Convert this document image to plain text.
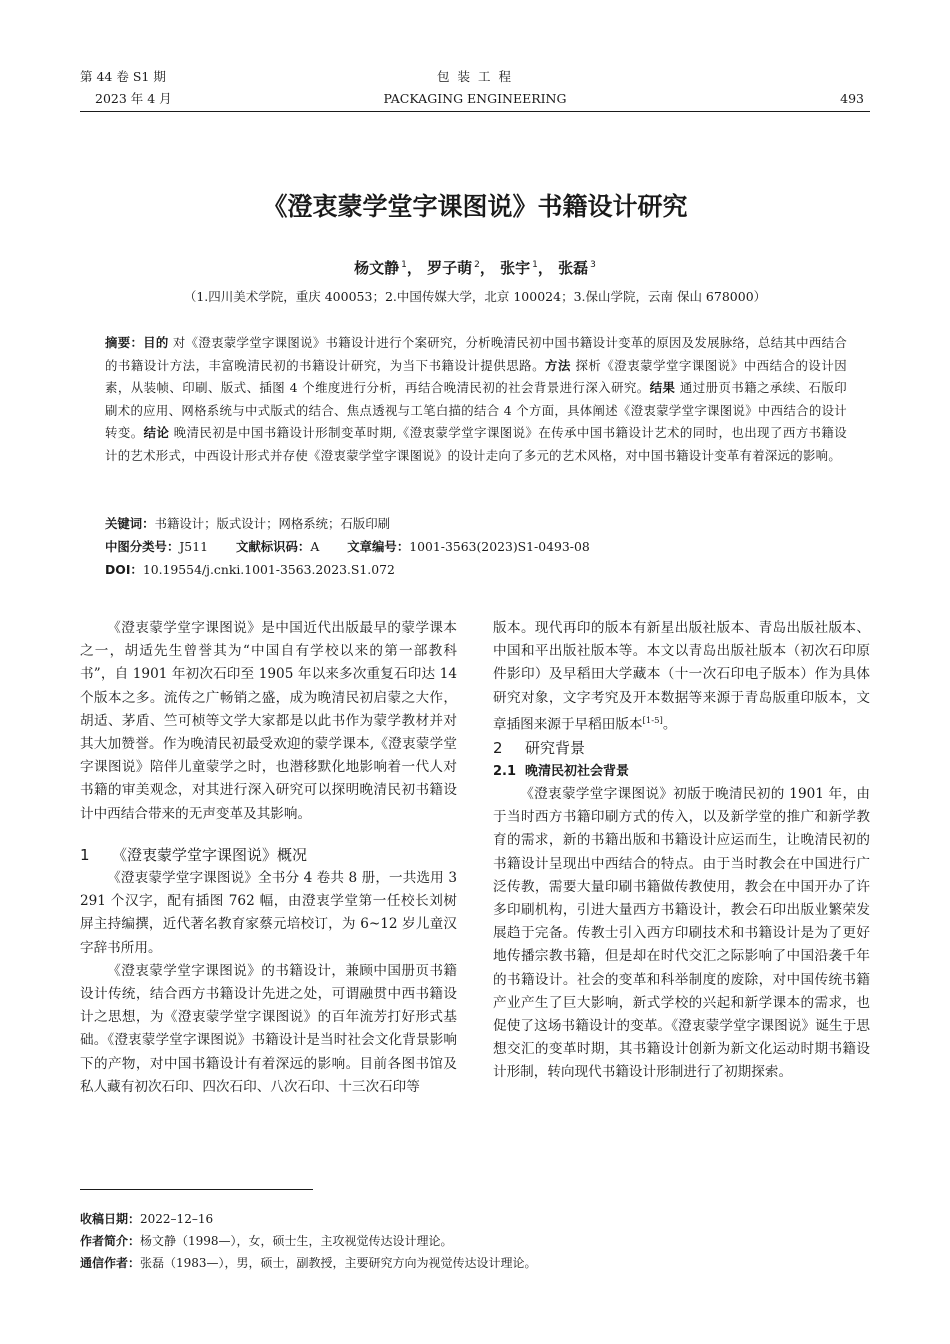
第 44 卷 S1 期
2023 年 4 月
包 装 工 程
PACKAGING ENGINEERING	493
《澄衷蒙学堂字课图说》书籍设计研究
杨文静 $^1$， 罗子萌 $^2$， 张宇 $^1$， 张磊 $^3$
（1.四川美术学院，重庆 400053；2.中国传媒大学，北京 100024；3.保山学院，云南 保山 678000）
摘要：目的 对《澄衷蒙学堂字课图说》书籍设计进行个案研究，分析晚清民初中国书籍设计变革的原因及发展脉络，总结其中西结合的书籍设计方法，丰富晚清民初的书籍设计研究，为当下书籍设计提供思路。方法 探析《澄衷蒙学堂字课图说》中西结合的设计因素，从装帧、印刷、版式、插图 4 个维度进行分析，再结合晚清民初的社会背景进行深入研究。结果 通过册页书籍之承续、石版印刷术的应用、网格系统与中式版式的结合、焦点透视与工笔白描的结合 4 个方面，具体阐述《澄衷蒙学堂字课图说》中西结合的设计转变。结论 晚清民初是中国书籍设计形制变革时期,《澄衷蒙学堂字课图说》在传承中国书籍设计艺术的同时，也出现了西方书籍设计的艺术形式，中西设计形式并存使《澄衷蒙学堂字课图说》的设计走向了多元的艺术风格，对中国书籍设计变革有着深远的影响。
关键词：书籍设计；版式设计；网格系统；石版印刷
中图分类号：J511 文献标识码：A 文章编号：1001-3563(2023)S1-0493-08
DOI：10.19554/j.cnki.1001-3563.2023.S1.072

《澄衷蒙学堂字课图说》是中国近代出版最早的蒙学课本之一，胡适先生曾誉其为“中国自有学校以来的第一部教科书”，自 1901 年初次石印至 1905 年以来多次重复石印达 14 个版本之多。流传之广畅销之盛，成为晚清民初启蒙之大作，胡适、茅盾、竺可桢等文学大家都是以此书作为蒙学教材并对其大加赞誉。作为晚清民初最受欢迎的蒙学课本,《澄衷蒙学堂字课图说》陪伴儿童蒙学之时，也潜移默化地影响着一代人对书籍的审美观念，对其进行深入研究可以探明晚清民初书籍设计中西结合带来的无声变革及其影响。

1 《澄衷蒙学堂字课图说》概况

《澄衷蒙学堂字课图说》全书分 4 卷共 8 册，一共选用 3 291 个汉字，配有插图 762 幅，由澄衷学堂第一任校长刘树屏主持编撰，近代著名教育家蔡元培校订，为 6~12 岁儿童汉字辞书所用。

《澄衷蒙学堂字课图说》的书籍设计，兼顾中国册页书籍设计传统，结合西方书籍设计先进之处，可谓融贯中西书籍设计之思想，为《澄衷蒙学堂字课图说》的百年流芳打好形式基础。《澄衷蒙学堂字课图说》书籍设计是当时社会文化背景影响下的产物，对中国书籍设计有着深远的影响。目前各图书馆及私人藏有初次石印、四次石印、八次石印、十三次石印等

版本。现代再印的版本有新星出版社版本、青岛出版社版本、中国和平出版社版本等。本文以青岛出版社版本（初次石印原件影印）及早稻田大学藏本（十一次石印电子版本）作为具体研究对象，文字考究及开本数据等来源于青岛版重印版本，文章插图来源于早稻田版本[1-5]。

2 研究背景

2.1 晚清民初社会背景

《澄衷蒙学堂字课图说》初版于晚清民初的 1901 年，由于当时西方书籍印刷方式的传入，以及新学堂的推广和新学教育的需求，新的书籍出版和书籍设计应运而生，让晚清民初的书籍设计呈现出中西结合的特点。由于当时教会在中国进行广泛传教，需要大量印刷书籍做传教使用，教会在中国开办了许多印刷机构，引进大量西方书籍设计，教会石印出版业繁荣发展趋于完备。传教士引入西方印刷技术和书籍设计是为了更好地传播宗教书籍，但是却在时代交汇之际影响了中国沿袭千年的书籍设计。社会的变革和科举制度的废除，对中国传统书籍产业产生了巨大影响，新式学校的兴起和新学课本的需求，也促使了这场书籍设计的变革。《澄衷蒙学堂字课图说》诞生于思想交汇的变革时期，其书籍设计创新为新文化运动时期书籍设计形制，转向现代书籍设计形制进行了初期探索。

收稿日期：2022–12–16
作者简介：杨文静（1998—），女，硕士生，主攻视觉传达设计理论。
通信作者：张磊（1983—），男，硕士，副教授，主要研究方向为视觉传达设计理论。
